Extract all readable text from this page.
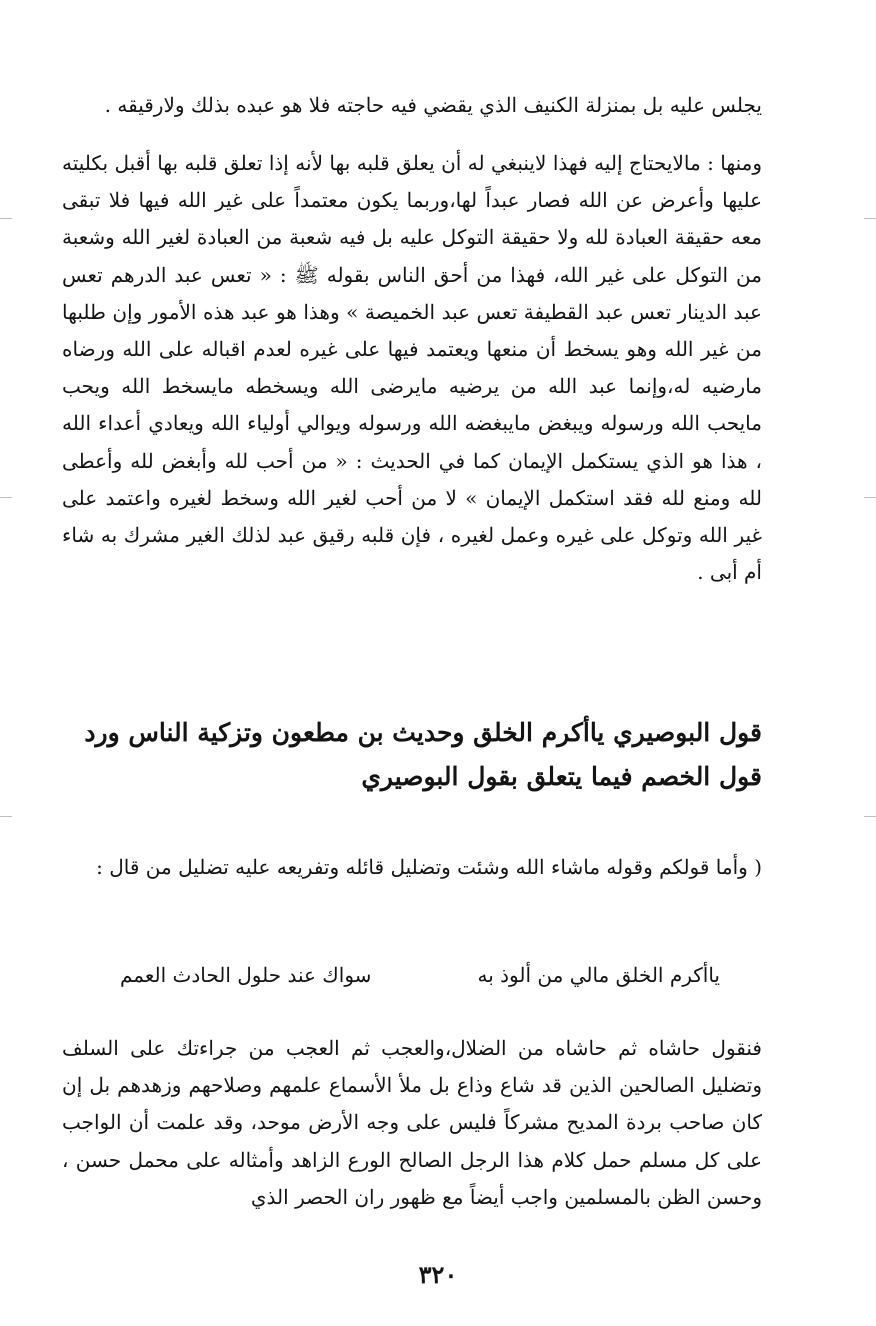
يجلس عليه بل بمنزلة الكنيف الذي يقضي فيه حاجته فلا هو عبده بذلك ولارقيقه .

ومنها : مالايحتاج إليه فهذا لاينبغي له أن يعلق قلبه بها لأنه إذا تعلق قلبه بها أقبل بكليته عليها وأعرض عن الله فصار عبداً لها،وربما يكون معتمداً على غير الله فيها فلا تبقى معه حقيقة العبادة لله ولا حقيقة التوكل عليه بل فيه شعبة من العبادة لغير الله وشعبة من التوكل على غير الله، فهذا من أحق الناس بقوله ﷺ : « تعس عبد الدرهم تعس عبد الدينار تعس عبد القطيفة تعس عبد الخميصة » وهذا هو عبد هذه الأمور وإن طلبها من غير الله وهو يسخط أن منعها ويعتمد فيها على غيره لعدم اقباله على الله ورضاه مارضيه له،وإنما عبد الله من يرضيه مايرضى الله ويسخطه مايسخط الله ويحب مايحب الله ورسوله ويبغض مايبغضه الله ورسوله ويوالي أولياء الله ويعادي أعداء الله ، هذا هو الذي يستكمل الإيمان كما في الحديث : « من أحب لله وأبغض لله وأعطى لله ومنع لله فقد استكمل الإيمان » لا من أحب لغير الله وسخط لغيره واعتمد على غير الله وتوكل على غيره وعمل لغيره ، فإن قلبه رقيق عبد لذلك الغير مشرك به شاء أم أبى .

قول البوصيري ياأكرم الخلق وحديث بن مطعون وتزكية الناس ورد قول الخصم فيما يتعلق بقول البوصيري

( وأما قولكم وقوله ماشاء الله وشئت وتضليل قائله وتفريعه عليه تضليل من قال :

ياأكرم الخلق مالي من ألوذ به
سواك عند حلول الحادث العمم

فنقول حاشاه ثم حاشاه من الضلال،والعجب ثم العجب من جراءتك على السلف وتضليل الصالحين الذين قد شاع وذاع بل ملأ الأسماع علمهم وصلاحهم وزهدهم بل إن كان صاحب بردة المديح مشركاً فليس على وجه الأرض موحد، وقد علمت أن الواجب على كل مسلم حمل كلام هذا الرجل الصالح الورع الزاهد وأمثاله على محمل حسن ، وحسن الظن بالمسلمين واجب أيضاً مع ظهور ران الحصر الذي

٣٢٠
